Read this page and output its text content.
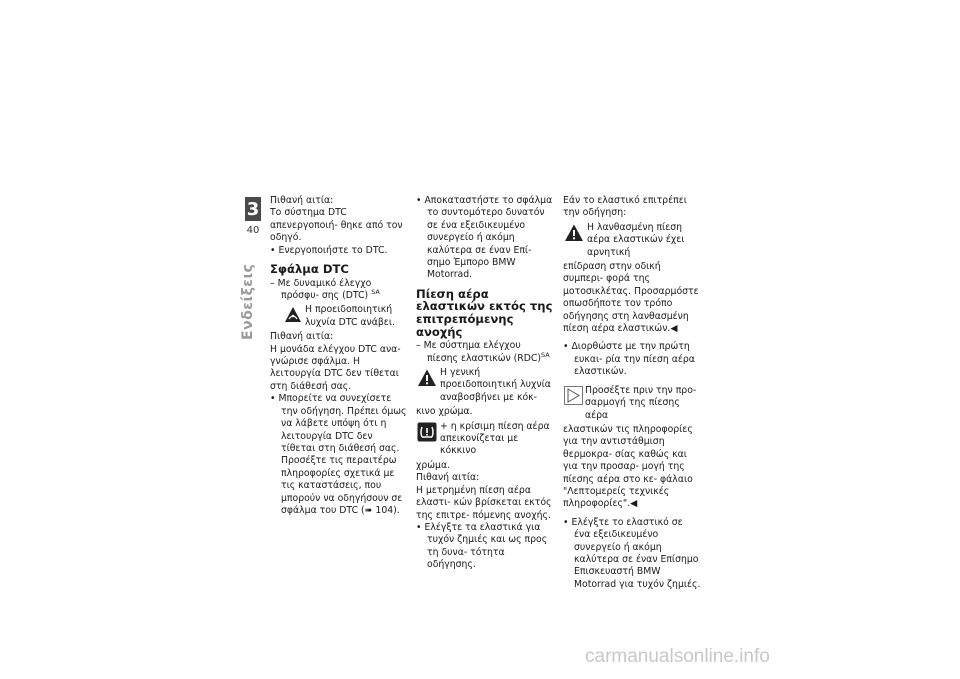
3
40
Ενδείξεις

Πιθανή αιτία:

Το σύστημα DTC απενεργοποιή- θηκε από τον οδηγό.

• Ενεργοποιήστε το DTC.

Σφάλμα DTC

– Με δυναμικό έλεγχο πρόσφυ- σης (DTC) $^{SA}$

Η προειδοποιητική λυχνία DTC ανάβει.

Πιθανή αιτία:

Η μονάδα ελέγχου DTC ανα- γνώρισε σφάλμα. Η λειτουργία DTC δεν τίθεται στη διάθεσή σας.

• Μπορείτε να συνεχίσετε την οδήγηση. Πρέπει όμως να λάβετε υπόψη ότι η λειτουργία DTC δεν τίθεται στη διάθεσή σας. Προσέξτε τις περαιτέρω πληροφορίες σχετικά με τις καταστάσεις, που μπορούν να οδηγήσουν σε σφάλμα του DTC (➠ 104).

• Αποκαταστήστε το σφάλμα το συντομότερο δυνατόν σε ένα εξειδικευμένο συνεργείο ή ακόμη καλύτερα σε έναν Επί- σημο Έμπορο BMW Motorrad.

Πίεση αέρα ελαστικών εκτός της επιτρεπόμενης ανοχής

– Με σύστημα ελέγχου πίεσης ελαστικών (RDC)$^{SA}$

Η γενική προειδοποιητική λυχνία αναβοσβήνει με κόκ-

κινο χρώμα.

+ η κρίσιμη πίεση αέρα απεικονίζεται με κόκκινο

χρώμα.

Πιθανή αιτία:

Η μετρημένη πίεση αέρα ελαστι- κών βρίσκεται εκτός της επιτρε- πόμενης ανοχής.

• Ελέγξτε τα ελαστικά για τυχόν ζημιές και ως προς τη δυνα- τότητα οδήγησης.

Εάν το ελαστικό επιτρέπει την οδήγηση:

Η λανθασμένη πίεση αέρα ελαστικών έχει αρνητική

επίδραση στην οδική συμπερι- φορά της μοτοσικλέτας. Προσαρμόστε οπωσδήποτε τον τρόπο οδήγησης στη λανθασμένη πίεση αέρα ελαστικών.◀

• Διορθώστε με την πρώτη ευκαι- ρία την πίεση αέρα ελαστικών.

Προσέξτε πριν την προ- σαρμογή της πίεσης αέρα

ελαστικών τις πληροφορίες για την αντιστάθμιση θερμοκρα- σίας καθώς και για την προσαρ- μογή της πίεσης αέρα στο κε- φάλαιο "Λεπτομερείς τεχνικές πληροφορίες".◀

• Ελέγξτε το ελαστικό σε ένα εξειδικευμένο συνεργείο ή ακόμη καλύτερα σε έναν Επίσημο Επισκευαστή BMW Motorrad για τυχόν ζημιές.

carmanualsonline.info
